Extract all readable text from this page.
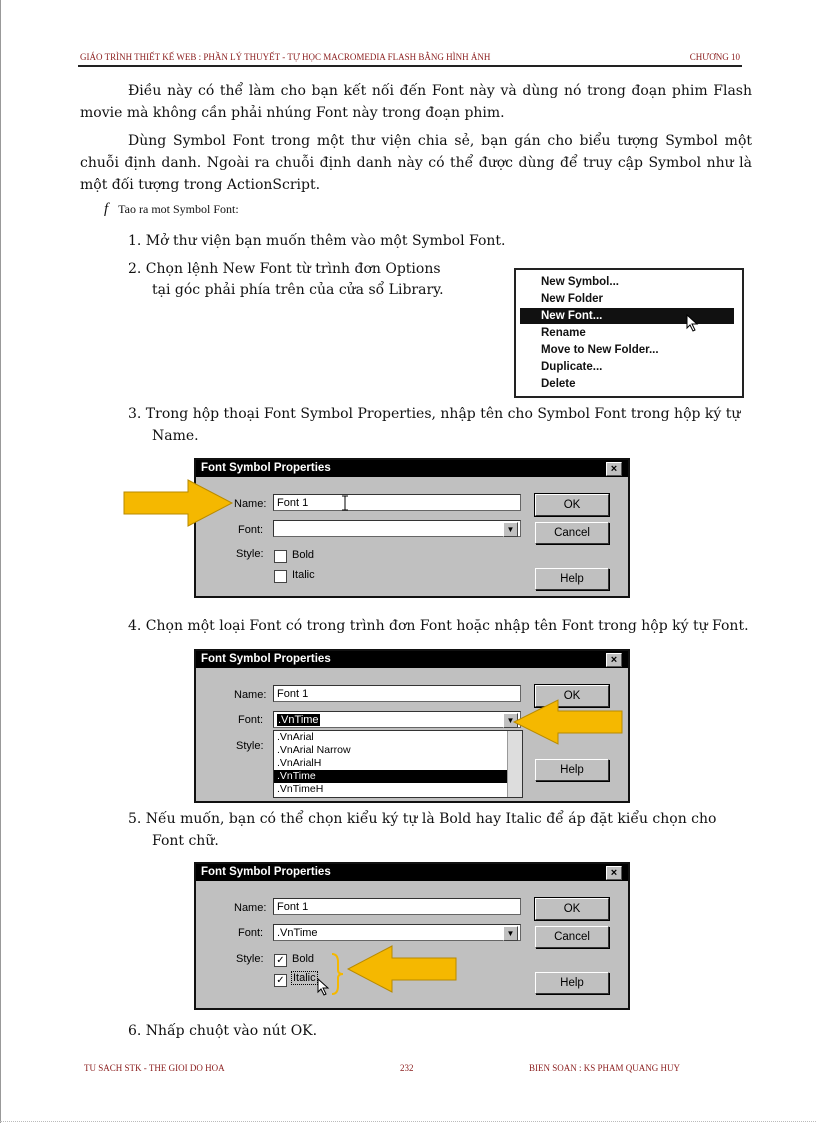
GIÁO TRÌNH THIẾT KẾ WEB : PHẦN LÝ THUYẾT - TỰ HỌC MACROMEDIA FLASH BẰNG HÌNH ẢNH	CHƯƠNG 10
Điều này có thể làm cho bạn kết nối đến Font này và dùng nó trong đoạn phim Flash movie mà không cần phải nhúng Font này trong đoạn phim.
Dùng Symbol Font trong một thư viện chia sẻ, bạn gán cho biểu tượng Symbol một chuỗi định danh. Ngoài ra chuỗi định danh này có thể được dùng để truy cập Symbol như là một đối tượng trong ActionScript.
f Tao ra mot Symbol Font:
1. Mở thư viện bạn muốn thêm vào một Symbol Font.
2. Chọn lệnh New Font từ trình đơn Options
tại góc phải phía trên của cửa sổ Library.	New Symbol...
New Folder
New Font...
Rename
Move to New Folder...
Duplicate...
Delete
3. Trong hộp thoại Font Symbol Properties, nhập tên cho Symbol Font trong hộp ký tự
Name.
Font Symbol Properties	×
Name: Font 1
Font:	▼
Style:	Bold
Italic
OK
Cancel
Help
4. Chọn một loại Font có trong trình đơn Font hoặc nhập tên Font trong hộp ký tự Font.
Font Symbol Properties	×
Name: Font 1
Font:	.VnTime	▼
Style:
.VnArial
.VnArial Narrow
.VnArialH
.VnTime
.VnTimeH
OK
Help
5. Nếu muốn, bạn có thể chọn kiểu ký tự là Bold hay Italic để áp đặt kiểu chọn cho
Font chữ.
Font Symbol Properties	×
Name: Font 1
Font:	.VnTime	▼
Style: ✓ Bold
✓ Italic
OK
Cancel
Help
6. Nhấp chuột vào nút OK.
TU SACH STK - THE GIOI DO HOA	232	BIEN SOAN : KS PHAM QUANG HUY
